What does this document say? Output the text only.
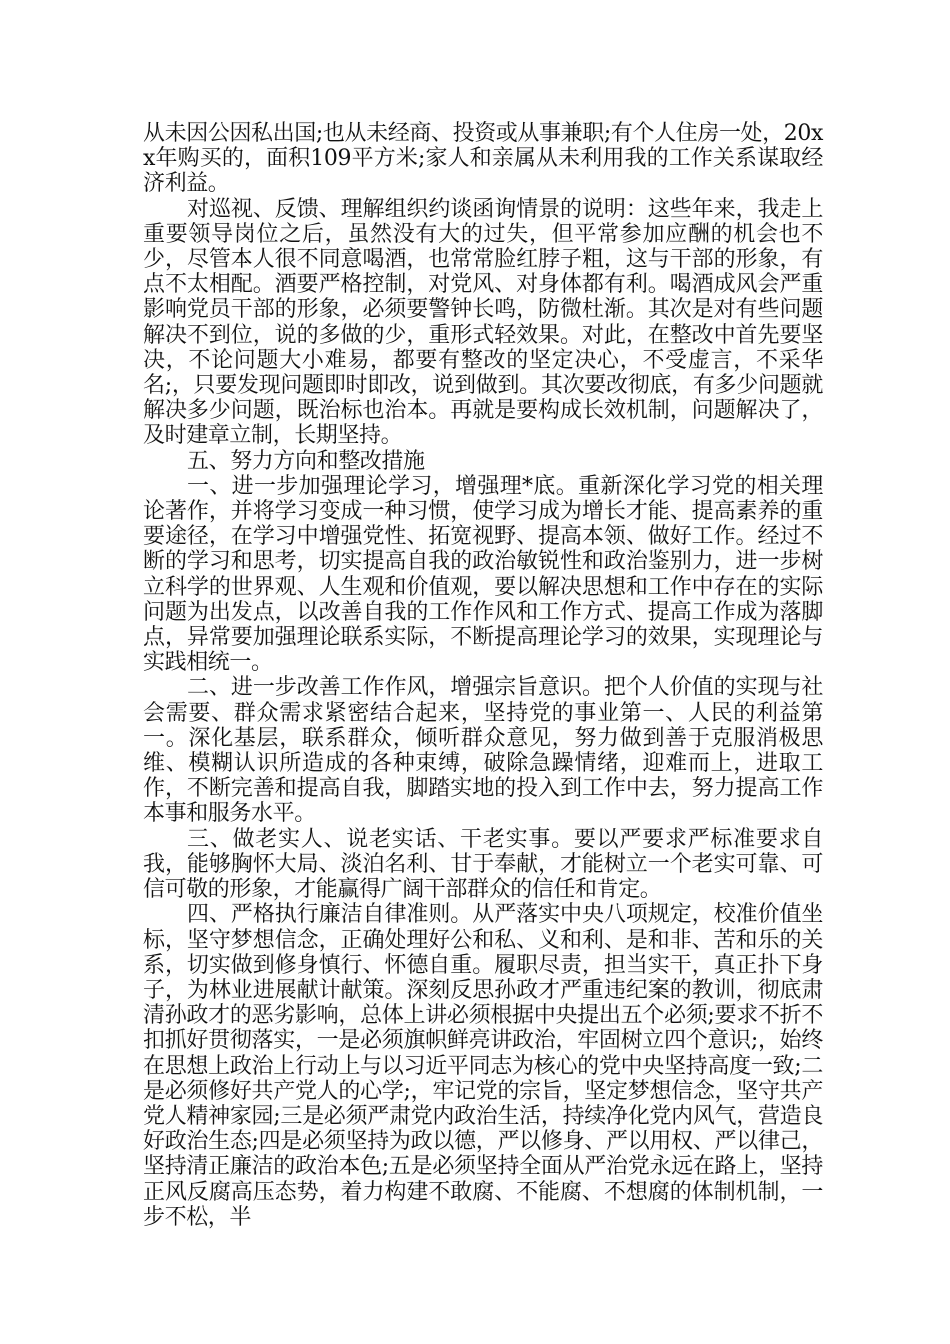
从未因公因私出国;也从未经商、投资或从事兼职;有个人住房一处，20xx年购买的，面积109平方米;家人和亲属从未利用我的工作关系谋取经济利益。

对巡视、反馈、理解组织约谈函询情景的说明：这些年来，我走上重要领导岗位之后，虽然没有大的过失，但平常参加应酬的机会也不少，尽管本人很不同意喝酒，也常常脸红脖子粗，这与干部的形象，有点不太相配。酒要严格控制，对党风、对身体都有利。喝酒成风会严重影响党员干部的形象，必须要警钟长鸣，防微杜渐。其次是对有些问题解决不到位，说的多做的少，重形式轻效果。对此，在整改中首先要坚决，不论问题大小难易，都要有整改的坚定决心，不受虚言，不采华名;，只要发现问题即时即改，说到做到。其次要改彻底，有多少问题就解决多少问题，既治标也治本。再就是要构成长效机制，问题解决了，及时建章立制，长期坚持。

五、努力方向和整改措施

一、进一步加强理论学习，增强理*底。重新深化学习党的相关理论著作，并将学习变成一种习惯，使学习成为增长才能、提高素养的重要途径，在学习中增强党性、拓宽视野、提高本领、做好工作。经过不断的学习和思考，切实提高自我的政治敏锐性和政治鉴别力，进一步树立科学的世界观、人生观和价值观，要以解决思想和工作中存在的实际问题为出发点，以改善自我的工作作风和工作方式、提高工作成为落脚点，异常要加强理论联系实际，不断提高理论学习的效果，实现理论与实践相统一。

二、进一步改善工作作风，增强宗旨意识。把个人价值的实现与社会需要、群众需求紧密结合起来，坚持党的事业第一、人民的利益第一。深化基层，联系群众，倾听群众意见，努力做到善于克服消极思维、模糊认识所造成的各种束缚，破除急躁情绪，迎难而上，进取工作，不断完善和提高自我，脚踏实地的投入到工作中去，努力提高工作本事和服务水平。

三、做老实人、说老实话、干老实事。要以严要求严标准要求自我，能够胸怀大局、淡泊名利、甘于奉献，才能树立一个老实可靠、可信可敬的形象，才能赢得广阔干部群众的信任和肯定。

四、严格执行廉洁自律准则。从严落实中央八项规定，校准价值坐标，坚守梦想信念，正确处理好公和私、义和利、是和非、苦和乐的关系，切实做到修身慎行、怀德自重。履职尽责，担当实干，真正扑下身子，为林业进展献计献策。深刻反思孙政才严重违纪案的教训，彻底肃清孙政才的恶劣影响，总体上讲必须根据中央提出五个必须;要求不折不扣抓好贯彻落实，一是必须旗帜鲜亮讲政治，牢固树立四个意识;，始终在思想上政治上行动上与以习近平同志为核心的党中央坚持高度一致;二是必须修好共产党人的心学;，牢记党的宗旨，坚定梦想信念，坚守共产党人精神家园;三是必须严肃党内政治生活，持续净化党内风气，营造良好政治生态;四是必须坚持为政以德，严以修身、严以用权、严以律己，坚持清正廉洁的政治本色;五是必须坚持全面从严治党永远在路上，坚持正风反腐高压态势，着力构建不敢腐、不能腐、不想腐的体制机制，一步不松，半
